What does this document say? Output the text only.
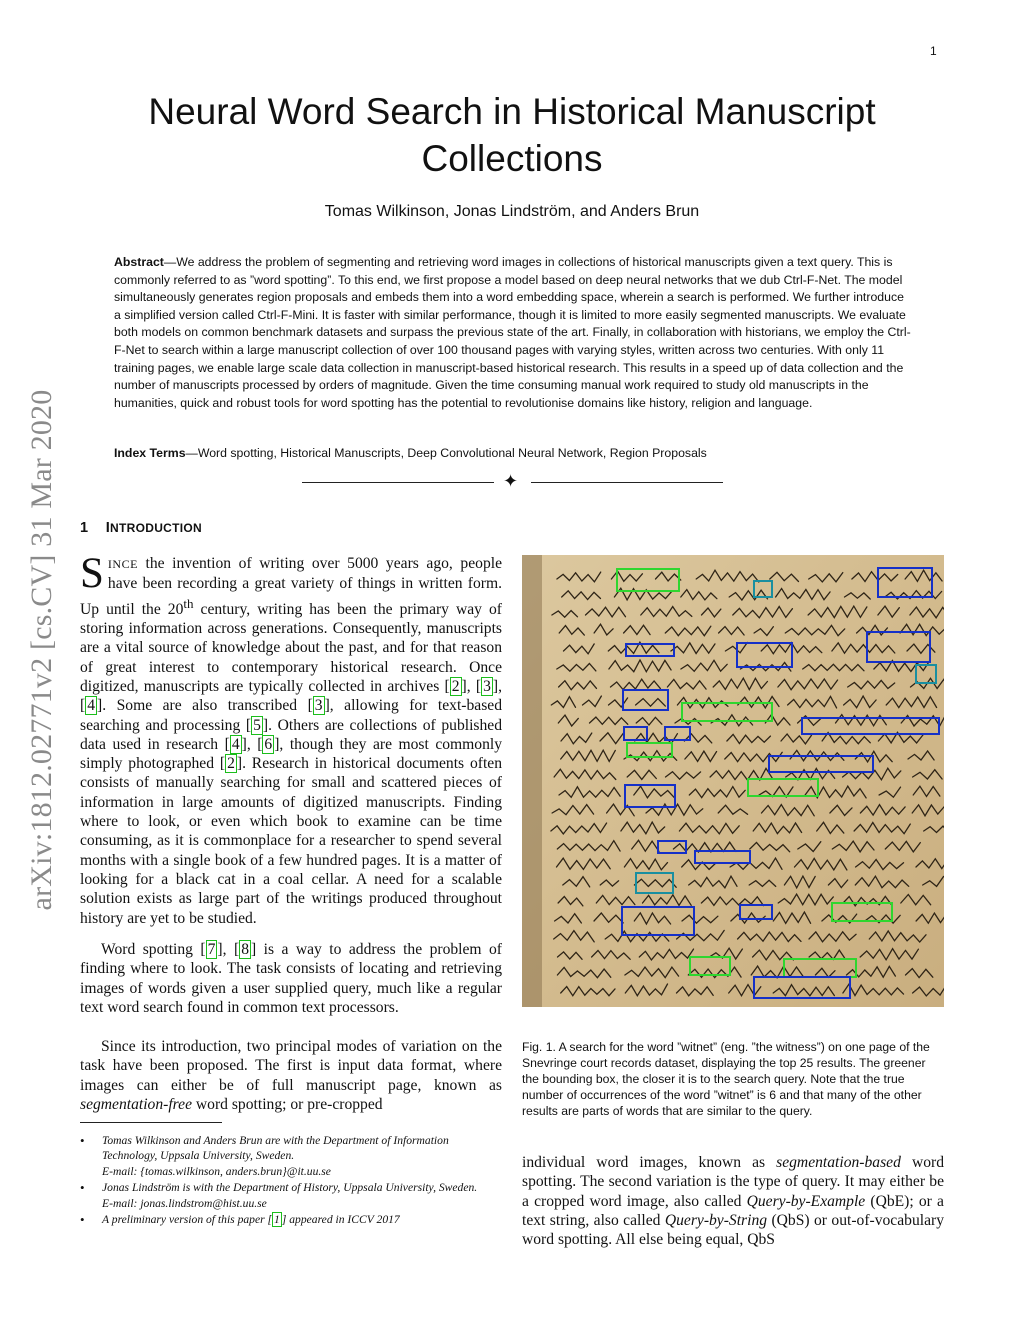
1
Neural Word Search in Historical Manuscript Collections
Tomas Wilkinson, Jonas Lindström, and Anders Brun

Abstract—We address the problem of segmenting and retrieving word images in collections of historical manuscripts given a text query. This is commonly referred to as ”word spotting”. To this end, we first propose a model based on deep neural networks that we dub Ctrl-F-Net. The model simultaneously generates region proposals and embeds them into a word embedding space, wherein a search is performed. We further introduce a simplified version called Ctrl-F-Mini. It is faster with similar performance, though it is limited to more easily segmented manuscripts. We evaluate both models on common benchmark datasets and surpass the previous state of the art. Finally, in collaboration with historians, we employ the Ctrl-F-Net to search within a large manuscript collection of over 100 thousand pages with varying styles, written across two centuries. With only 11 training pages, we enable large scale data collection in manuscript-based historical research. This results in a speed up of data collection and the number of manuscripts processed by orders of magnitude. Given the time consuming manual work required to study old manuscripts in the humanities, quick and robust tools for word spotting has the potential to revolutionise domains like history, religion and language.

Index Terms—Word spotting, Historical Manuscripts, Deep Convolutional Neural Network, Region Proposals

✦
arXiv:1812.02771v2 [cs.CV] 31 Mar 2020 1 INTRODUCTION

SINCE the invention of writing over 5000 years ago, people have been recording a great variety of things in written form. Up until the 20th century, writing has been the primary way of storing information across generations. Consequently, manuscripts are a vital source of knowledge about the past, and for that reason of great interest to contemporary historical research. Once digitized, manuscripts are typically collected in archives [ 2 ], [ 3 ], [ 4 ]. Some are also transcribed [ 3 ], allowing for text-based searching and processing [ 5 ]. Others are collections of published data used in research [ 4 ], [ 6 ], though they are most commonly simply photographed [ 2 ]. Research in historical documents often consists of manually searching for small and scattered pieces of information in large amounts of digitized manuscripts. Finding where to look, or even which book to examine can be time consuming, as it is commonplace for a researcher to spend several months with a single book of a few hundred pages. It is a matter of looking for a black cat in a coal cellar. A need for a scalable solution exists as large part of the writings produced throughout history are yet to be studied.

Word spotting [ 7 ], [ 8 ] is a way to address the problem of finding where to look. The task consists of locating and retrieving images of words given a user supplied query, much like a regular text word search found in common text processors.

Since its introduction, two principal modes of variation on the task have been proposed. The first is input data format, where images can either be of full manuscript page, known as segmentation-free word spotting; or pre-cropped

• Tomas Wilkinson and Anders Brun are with the Department of Information Technology, Uppsala University, Sweden.
E-mail: {tomas.wilkinson, anders.brun}@it.uu.se
• Jonas Lindström is with the Department of History, Uppsala University, Sweden.
E-mail: jonas.lindstrom@hist.uu.se
• A preliminary version of this paper [ 1 ] appeared in ICCV 2017

Fig. 1. A search for the word ”witnet” (eng. ”the witness”) on one page of the Snevringe court records dataset, displaying the top 25 results. The greener the bounding box, the closer it is to the search query. Note that the true number of occurrences of the word ”witnet” is 6 and that many of the other results are parts of words that are similar to the query.

individual word images, known as segmentation-based word spotting. The second variation is the type of query. It may either be a cropped word image, also called Query-by-Example (QbE); or a text string, also called Query-by-String (QbS) or out-of-vocabulary word spotting. All else being equal, QbS
